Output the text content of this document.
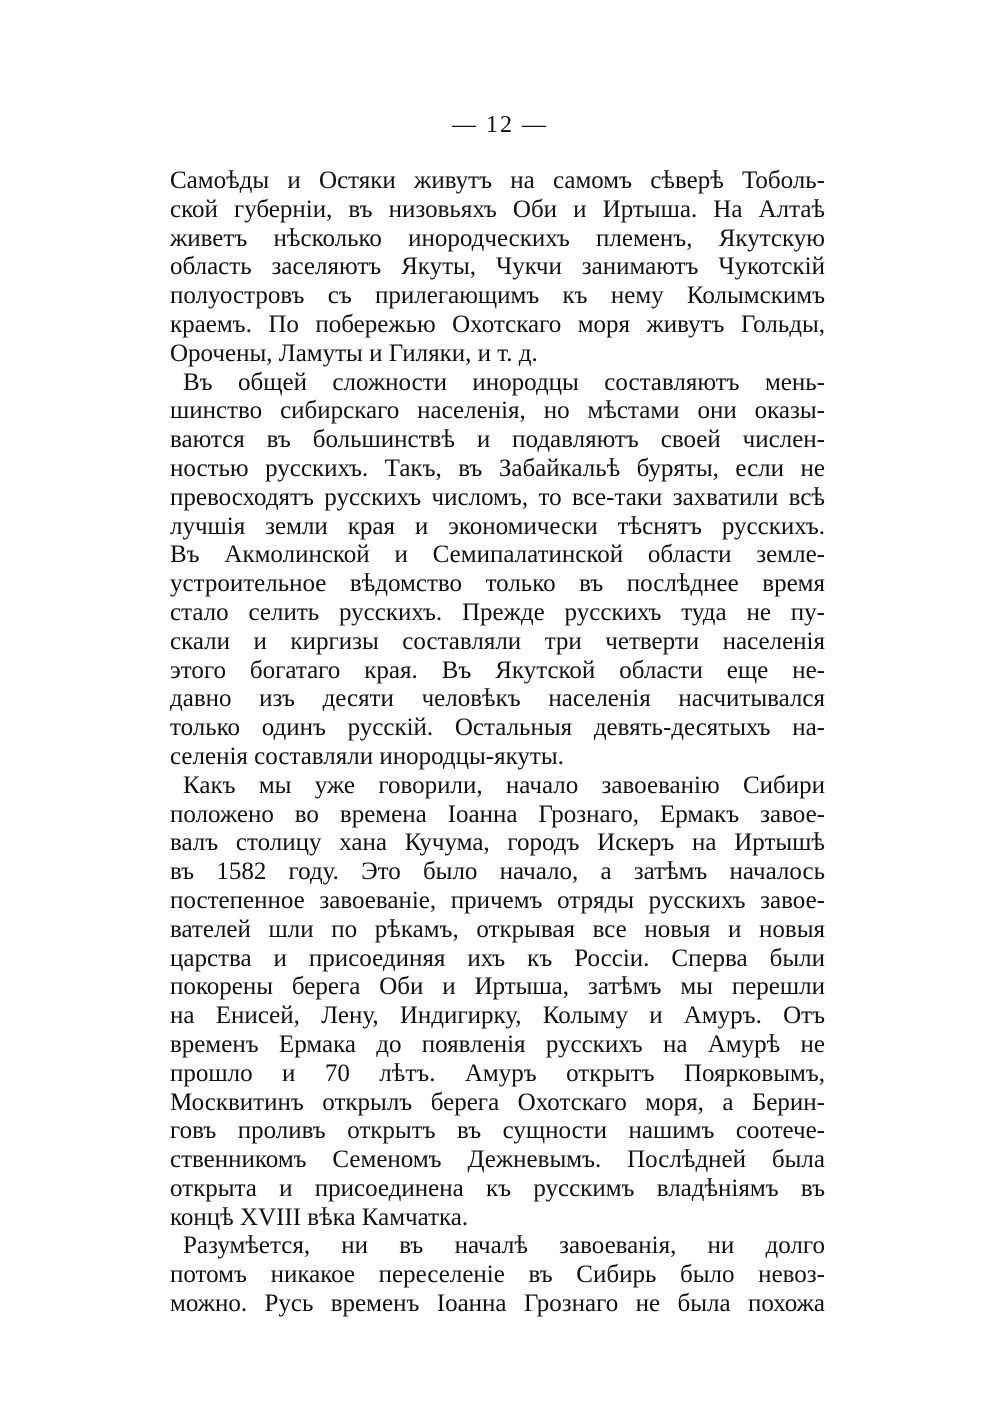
— 12 —
Самоѣды и Остяки живутъ на самомъ сѣверѣ Тоболь-
ской губерніи, въ низовьяхъ Оби и Иртыша. На Алтаѣ
живетъ нѣсколько инородческихъ племенъ, Якутскую
область заселяютъ Якуты, Чукчи занимаютъ Чукотскій
полуостровъ съ прилегающимъ къ нему Колымскимъ
краемъ. По побережью Охотскаго моря живутъ Гольды,
Орочены, Ламуты и Гиляки, и т. д.
Въ общей сложности инородцы составляютъ мень-
шинство сибирскаго населенія, но мѣстами они оказы-
ваются въ большинствѣ и подавляютъ своей числен-
ностью русскихъ. Такъ, въ Забайкальѣ буряты, если не
превосходятъ русскихъ числомъ, то все-таки захватили всѣ
лучшія земли края и экономически тѣснятъ русскихъ.
Въ Акмолинской и Семипалатинской области земле-
устроительное вѣдомство только въ послѣднее время
стало селить русскихъ. Прежде русскихъ туда не пу-
скали и киргизы составляли три четверти населенія
этого богатаго края. Въ Якутской области еще не-
давно изъ десяти человѣкъ населенія насчитывался
только одинъ русскій. Остальныя девять-десятыхъ на-
селенія составляли инородцы-якуты.
Какъ мы уже говорили, начало завоеванію Сибири
положено во времена Іоанна Грознаго, Ермакъ завое-
валъ столицу хана Кучума, городъ Искеръ на Иртышѣ
въ 1582 году. Это было начало, а затѣмъ началось
постепенное завоеваніе, причемъ отряды русскихъ завое-
вателей шли по рѣкамъ, открывая все новыя и новыя
царства и присоединяя ихъ къ Россіи. Сперва были
покорены берега Оби и Иртыша, затѣмъ мы перешли
на Енисей, Лену, Индигирку, Колыму и Амуръ. Отъ
временъ Ермака до появленія русскихъ на Амурѣ не
прошло и 70 лѣтъ. Амуръ открытъ Поярковымъ,
Москвитинъ открылъ берега Охотскаго моря, а Берин-
говъ проливъ открытъ въ сущности нашимъ соотече-
ственникомъ Семеномъ Дежневымъ. Послѣдней была
открыта и присоединена къ русскимъ владѣніямъ въ
концѣ XVIII вѣка Камчатка.
Разумѣется, ни въ началѣ завоеванія, ни долго
потомъ никакое переселеніе въ Сибирь было невоз-
можно. Русь временъ Іоанна Грознаго не была похожа
